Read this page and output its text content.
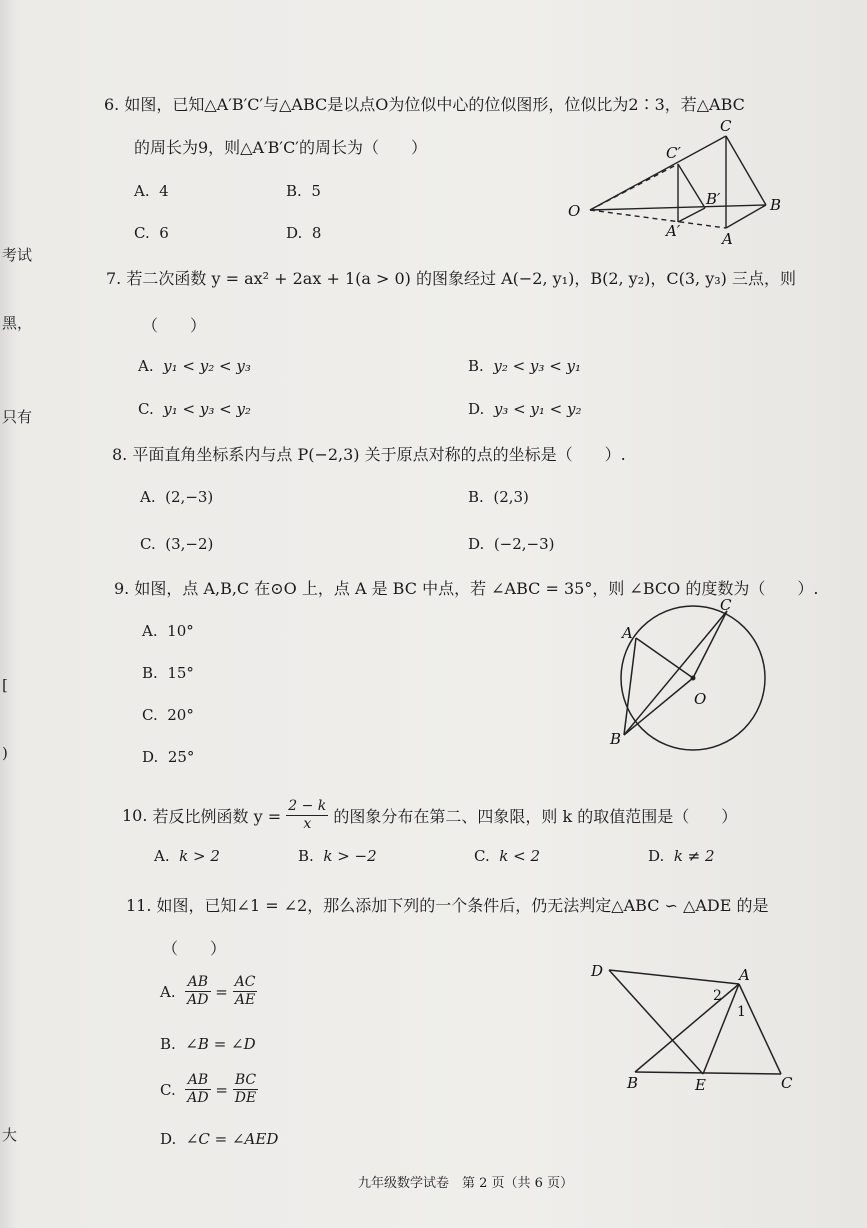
考试
黑，
只有
[
)
大
6. 如图，已知△A′B′C′与△ABC是以点O为位似中心的位似图形，位似比为2∶3，若△ABC
的周长为9，则△A′B′C′的周长为（　　）
A. 4	B. 5
C. 6	D. 8
C
C′
O
B′	B
A′	A
7. 若二次函数 y = ax² + 2ax + 1(a > 0) 的图象经过 A(−2, y₁)，B(2, y₂)，C(3, y₃) 三点，则
（　　）
A. y₁ < y₂ < y₃	B. y₂ < y₃ < y₁
C. y₁ < y₃ < y₂	D. y₃ < y₁ < y₂
8. 平面直角坐标系内与点 P(−2,3) 关于原点对称的点的坐标是（　　）.
A. (2,−3)	B. (2,3)
C. (3,−2)	D. (−2,−3)
9. 如图，点 A,B,C 在⊙O 上，点 A 是 BC 中点，若 ∠ABC = 35°，则 ∠BCO 的度数为（　　）.
A. 10°
B. 15°
C. 20°
D. 25°
C
A
O
B
10.
若反比例函数 y =
$\frac{2 - k}{x}$
的图象分布在第二、四象限，则 k 的取值范围是（　　）
A. k > 2	B. k > −2	C. k < 2	D. k ≠ 2
11. 如图，已知∠1 = ∠2，那么添加下列的一个条件后，仍无法判定△ABC ∽ △ADE 的是
（　　）
A.
$\frac{AB}{AD} = \frac{AC}{AE}$
B. ∠B = ∠D
C.
$\frac{AB}{AD} = \frac{BC}{DE}$
D. ∠C = ∠AED
D	A
2
1
B	E	C
九年级数学试卷　第 2 页（共 6 页）
